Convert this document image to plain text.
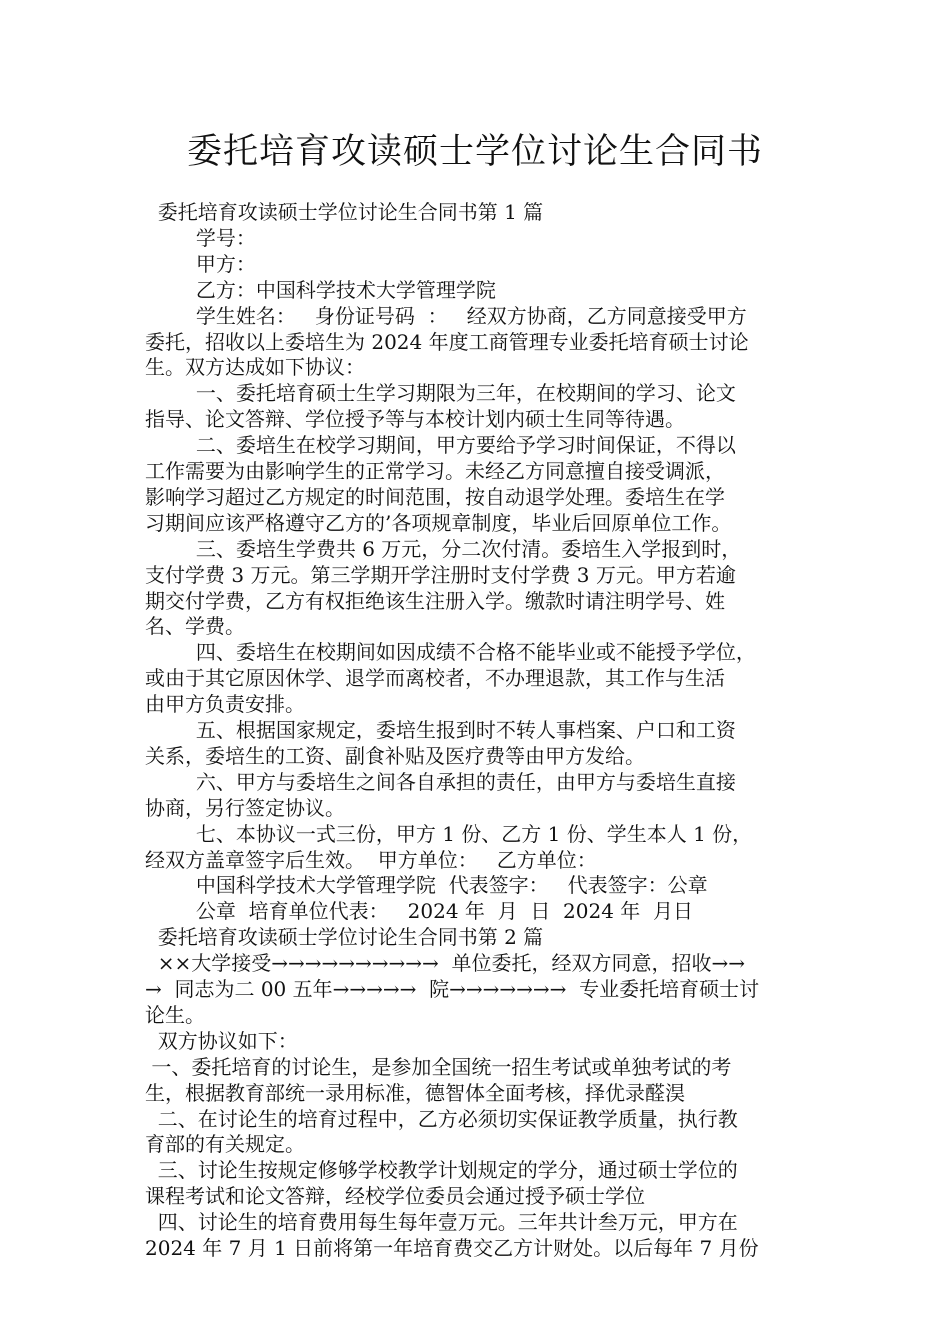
委托培育攻读硕士学位讨论生合同书
委托培育攻读硕士学位讨论生合同书第 1 篇
学号：
甲方：
乙方：中国科学技术大学管理学院
学生姓名：   身份证号码  ：   经双方协商，乙方同意接受甲方
委托，招收以上委培生为 2024 年度工商管理专业委托培育硕士讨论
生。双方达成如下协议：
一、委托培育硕士生学习期限为三年，在校期间的学习、论文
指导、论文答辩、学位授予等与本校计划内硕士生同等待遇。
二、委培生在校学习期间，甲方要给予学习时间保证，不得以
工作需要为由影响学生的正常学习。未经乙方同意擅自接受调派，
影响学习超过乙方规定的时间范围，按自动退学处理。委培生在学
习期间应该严格遵守乙方的’各项规章制度，毕业后回原单位工作。
三、委培生学费共 6 万元，分二次付清。委培生入学报到时，
支付学费 3 万元。第三学期开学注册时支付学费 3 万元。甲方若逾
期交付学费，乙方有权拒绝该生注册入学。缴款时请注明学号、姓
名、学费。
四、委培生在校期间如因成绩不合格不能毕业或不能授予学位，
或由于其它原因休学、退学而离校者，不办理退款，其工作与生活
由甲方负责安排。
五、根据国家规定，委培生报到时不转人事档案、户口和工资
关系，委培生的工资、副食补贴及医疗费等由甲方发给。
六、甲方与委培生之间各自承担的责任，由甲方与委培生直接
协商，另行签定协议。
七、本协议一式三份，甲方 1 份、乙方 1 份、学生本人 1 份，
经双方盖章签字后生效。  甲方单位：   乙方单位：
中国科学技术大学管理学院  代表签字：   代表签字：公章
公章  培育单位代表：   2024 年  月  日  2024 年  月日
委托培育攻读硕士学位讨论生合同书第 2 篇
××大学接受→→→→→→→→→→  单位委托，经双方同意，招收→→
→  同志为二 00 五年→→→→→  院→→→→→→→  专业委托培育硕士讨
论生。
双方协议如下：
一、委托培育的讨论生，是参加全国统一招生考试或单独考试的考
生，根据教育部统一录用标准，德智体全面考核，择优录醛淏
二、在讨论生的培育过程中，乙方必须切实保证教学质量，执行教
育部的有关规定。
三、讨论生按规定修够学校教学计划规定的学分，通过硕士学位的
课程考试和论文答辩，经校学位委员会通过授予硕士学位
四、讨论生的培育费用每生每年壹万元。三年共计叁万元，甲方在
2024 年 7 月 1 日前将第一年培育费交乙方计财处。以后每年 7 月份
